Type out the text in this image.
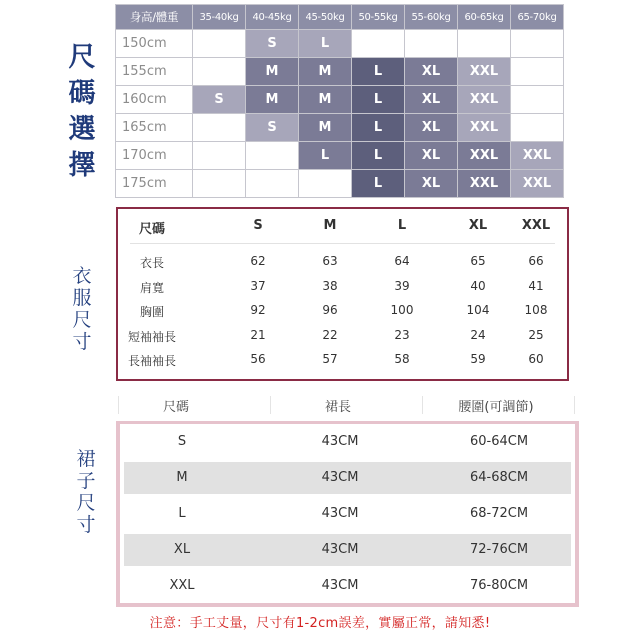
尺
碼
選
擇
身高/體重	35-40kg	40-45kg	45-50kg	50-55kg	55-60kg	60-65kg	65-70kg
150cm		S	L				
155cm		M	M	L	XL	XXL	
160cm	S	M	M	L	XL	XXL	
165cm		S	M	L	XL	XXL	
170cm			L	L	XL	XXL	XXL
175cm				L	XL	XXL	XXL
衣
服
尺
寸
尺碼	S	M	L	XL	XXL
衣長	62	63	64	65	66
肩寬	37	38	39	40	41
胸圍	92	96	100	104	108
短袖袖長	21	22	23	24	25
長袖袖長	56	57	58	59	60
尺碼	裙長	腰圍(可調節)
裙
子
尺
寸
S	43CM	60-64CM
M	43CM	64-68CM
L	43CM	68-72CM
XL	43CM	72-76CM
XXL	43CM	76-80CM
注意：手工丈量，尺寸有1-2cm誤差，實屬正常，請知悉!
